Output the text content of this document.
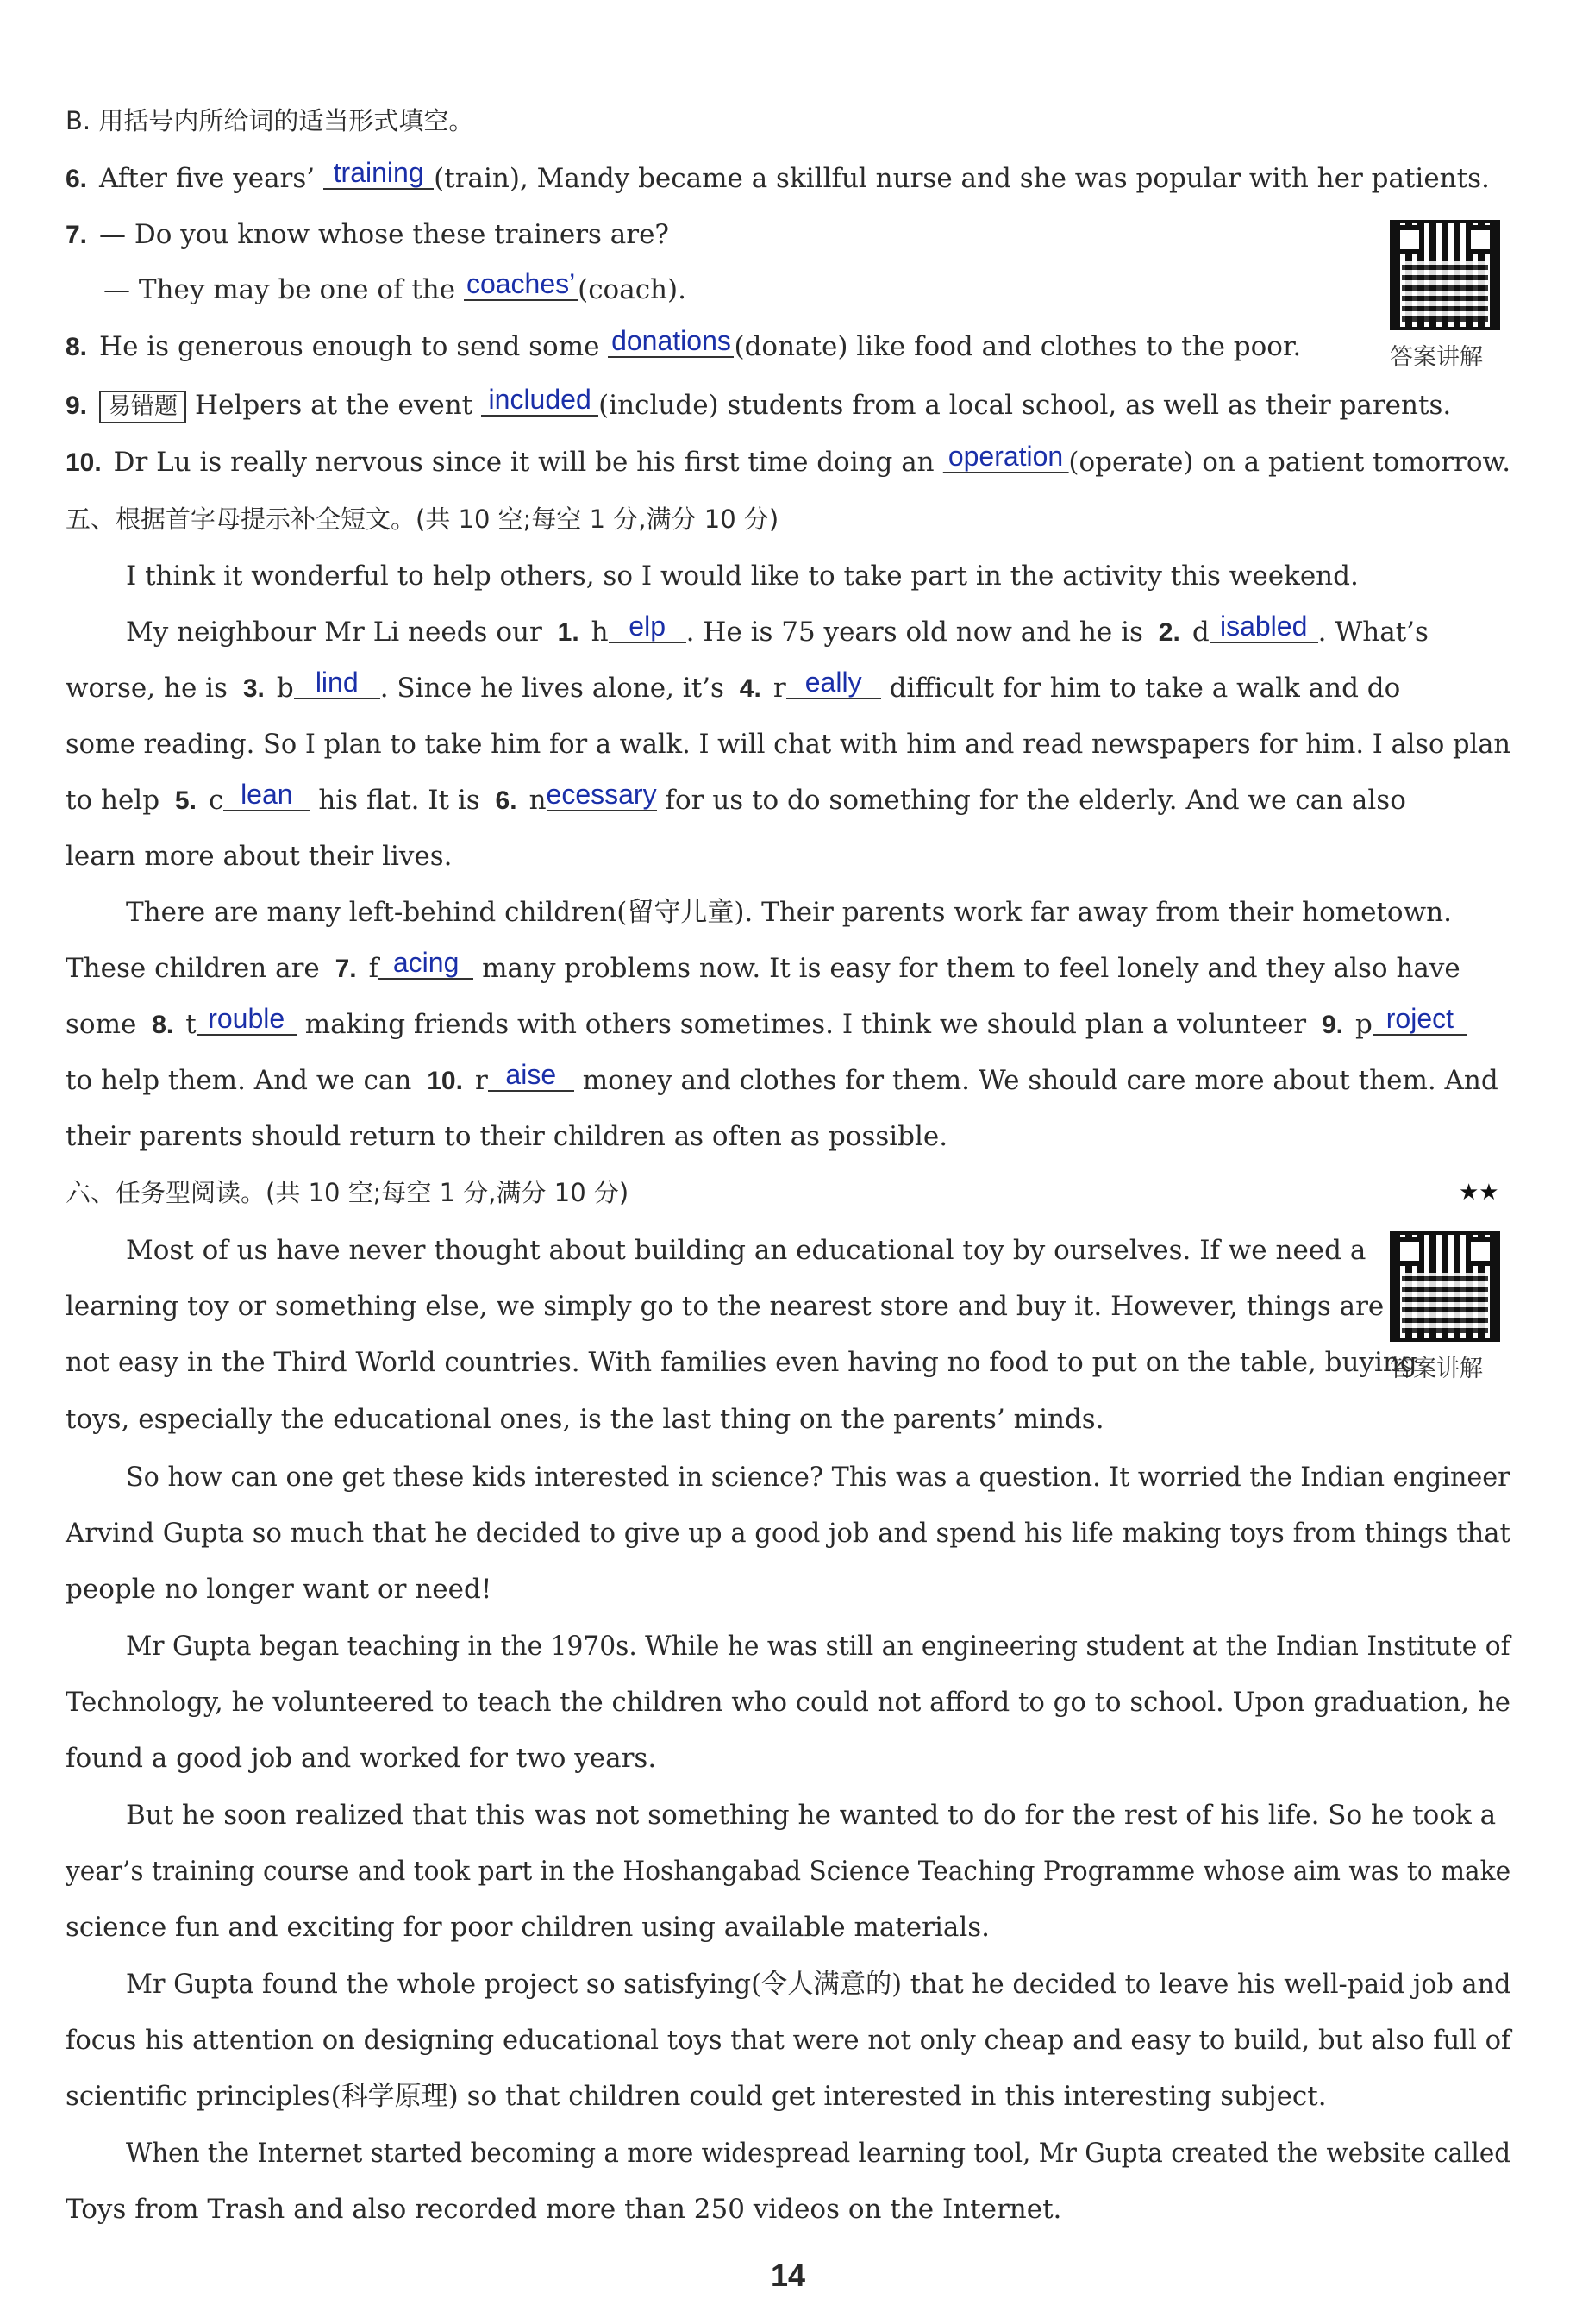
B. 用括号内所给词的适当形式填空。
6. After five years’ training (train), Mandy became a skillful nurse and she was popular with her patients.
7. — Do you know whose these trainers are?
— They may be one of the coaches’(coach).
8. He is generous enough to send some donations (donate) like food and clothes to the poor.	答案讲解
9. 易错题 Helpers at the event included (include) students from a local school, as well as their parents.
10. Dr Lu is really nervous since it will be his first time doing an operation (operate) on a patient tomorrow.
五、根据首字母提示补全短文。(共 10 空;每空 1 分,满分 10 分)
I think it wonderful to help others, so I would like to take part in the activity this weekend.
My neighbour Mr Li needs our 1. h elp . He is 75 years old now and he is 2. d isabled . What’s
worse, he is 3. b lind . Since he lives alone, it’s 4. r eally difficult for him to take a walk and do
some reading. So I plan to take him for a walk. I will chat with him and read newspapers for him. I also plan
to help 5. c lean his flat. It is 6. necessary for us to do something for the elderly. And we can also
learn more about their lives.
There are many left-behind children(留守儿童). Their parents work far away from their hometown.
These children are 7. f acing many problems now. It is easy for them to feel lonely and they also have
some 8. t rouble making friends with others sometimes. I think we should plan a volunteer 9. p roject
to help them. And we can 10. r aise money and clothes for them. We should care more about them. And
their parents should return to their children as often as possible.
六、任务型阅读。(共 10 空;每空 1 分,满分 10 分)	★★
答案讲解
Most of us have never thought about building an educational toy by ourselves. If we need a
learning toy or something else, we simply go to the nearest store and buy it. However, things are
not easy in the Third World countries. With families even having no food to put on the table, buying
toys, especially the educational ones, is the last thing on the parents’ minds.
So how can one get these kids interested in science? This was a question. It worried the Indian engineer
Arvind Gupta so much that he decided to give up a good job and spend his life making toys from things that
people no longer want or need!
Mr Gupta began teaching in the 1970s. While he was still an engineering student at the Indian Institute of
Technology, he volunteered to teach the children who could not afford to go to school. Upon graduation, he
found a good job and worked for two years.
But he soon realized that this was not something he wanted to do for the rest of his life. So he took a
year’s training course and took part in the Hoshangabad Science Teaching Programme whose aim was to make
science fun and exciting for poor children using available materials.
Mr Gupta found the whole project so satisfying(令人满意的) that he decided to leave his well-paid job and
focus his attention on designing educational toys that were not only cheap and easy to build, but also full of
scientific principles(科学原理) so that children could get interested in this interesting subject.
When the Internet started becoming a more widespread learning tool, Mr Gupta created the website called
Toys from Trash and also recorded more than 250 videos on the Internet.
14
